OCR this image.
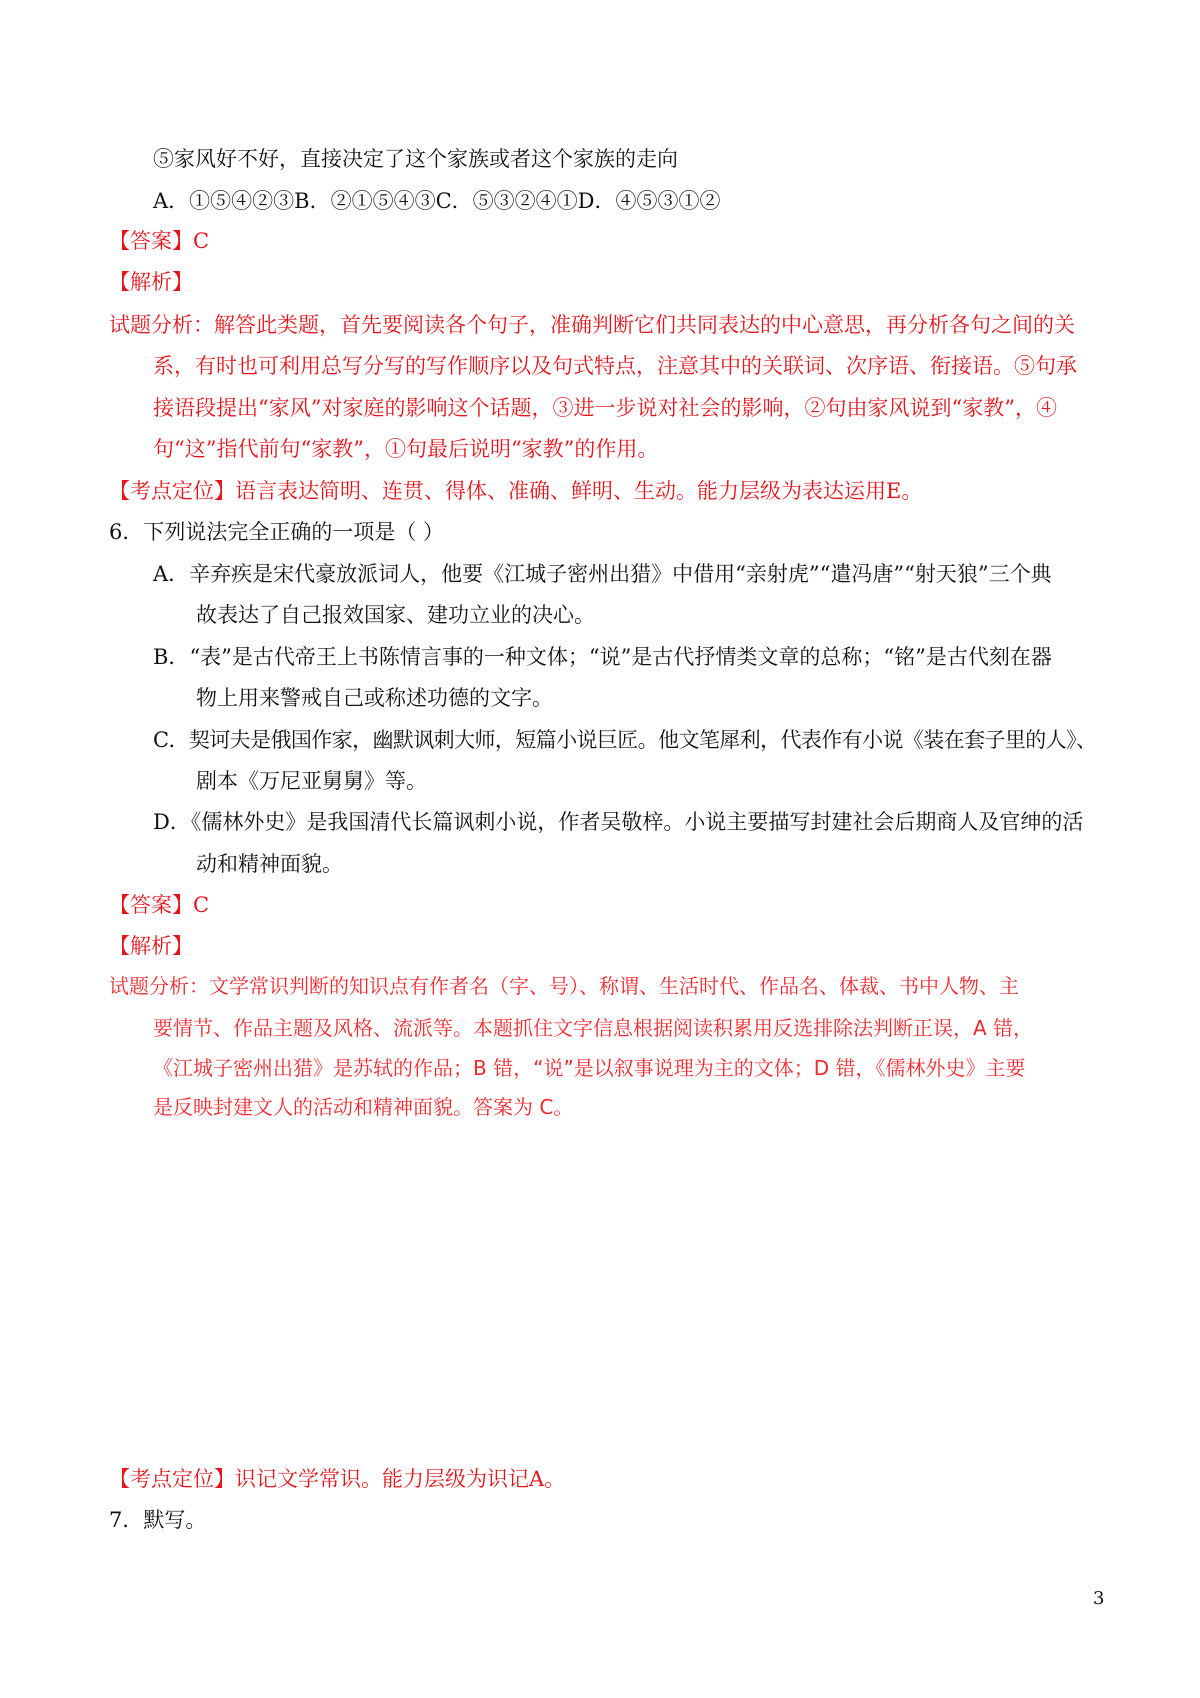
⑤家风好不好，直接决定了这个家族或者这个家族的走向
A．①⑤④②③B．②①⑤④③C．⑤③②④①D．④⑤③①②
【答案】C
【解析】
试题分析：解答此类题，首先要阅读各个句子，准确判断它们共同表达的中心意思，再分析各句之间的关
系，有时也可利用总写分写的写作顺序以及句式特点，注意其中的关联词、次序语、衔接语。⑤句承
接语段提出“家风”对家庭的影响这个话题，③进一步说对社会的影响，②句由家风说到“家教”，④
句“这”指代前句“家教”，①句最后说明“家教”的作用。
【考点定位】语言表达简明、连贯、得体、准确、鲜明、生动。能力层级为表达运用E。
6．下列说法完全正确的一项是（ ）
A．辛弃疾是宋代豪放派词人，他要《江城子密州出猎》中借用“亲射虎”“遣冯唐”“射天狼”三个典
故表达了自己报效国家、建功立业的决心。
B．“表”是古代帝王上书陈情言事的一种文体；“说”是古代抒情类文章的总称；“铭”是古代刻在器
物上用来警戒自己或称述功德的文字。
C．契诃夫是俄国作家，幽默讽刺大师，短篇小说巨匠。他文笔犀利，代表作有小说《装在套子里的人》、
剧本《万尼亚舅舅》等。
D．《儒林外史》是我国清代长篇讽刺小说，作者吴敬梓。小说主要描写封建社会后期商人及官绅的活
动和精神面貌。
【答案】C
【解析】
试题分析：文学常识判断的知识点有作者名（字、号）、称谓、生活时代、作品名、体裁、书中人物、主
要情节、作品主题及风格、流派等。本题抓住文字信息根据阅读积累用反选排除法判断正误，A 错，
《江城子密州出猎》是苏轼的作品；B 错，“说”是以叙事说理为主的文体；D 错，《儒林外史》主要
是反映封建文人的活动和精神面貌。答案为 C。
【考点定位】识记文学常识。能力层级为识记A。
7．默写。
3
